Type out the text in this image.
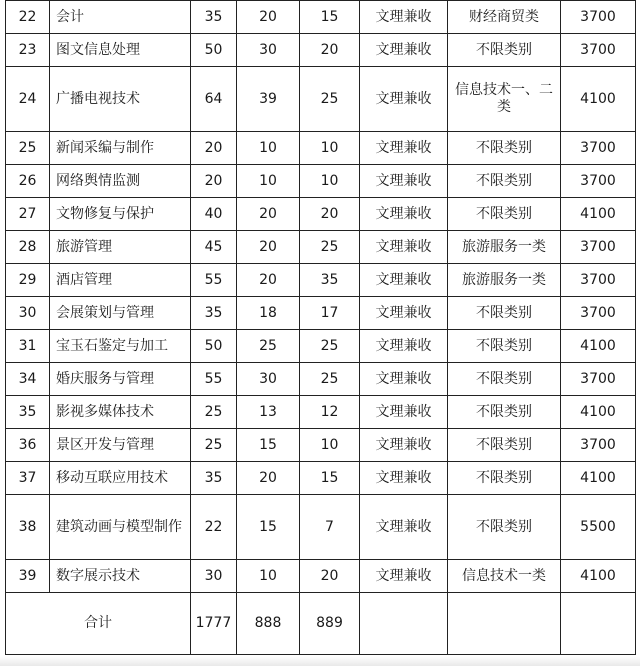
22	会计	35	20	15	文理兼收	财经商贸类	3700
23	图文信息处理	50	30	20	文理兼收	不限类别	3700
24	广播电视技术	64	39	25	文理兼收	信息技术一、二类	4100
25	新闻采编与制作	20	10	10	文理兼收	不限类别	3700
26	网络舆情监测	20	10	10	文理兼收	不限类别	3700
27	文物修复与保护	40	20	20	文理兼收	不限类别	4100
28	旅游管理	45	20	25	文理兼收	旅游服务一类	3700
29	酒店管理	55	20	35	文理兼收	旅游服务一类	3700
30	会展策划与管理	35	18	17	文理兼收	不限类别	3700
31	宝玉石鉴定与加工	50	25	25	文理兼收	不限类别	4100
34	婚庆服务与管理	55	30	25	文理兼收	不限类别	3700
35	影视多媒体技术	25	13	12	文理兼收	不限类别	4100
36	景区开发与管理	25	15	10	文理兼收	不限类别	3700
37	移动互联应用技术	35	20	15	文理兼收	不限类别	4100
38	建筑动画与模型制作	22	15	7	文理兼收	不限类别	5500
39	数字展示技术	30	10	20	文理兼收	信息技术一类	4100
合计		1777	888	889			
